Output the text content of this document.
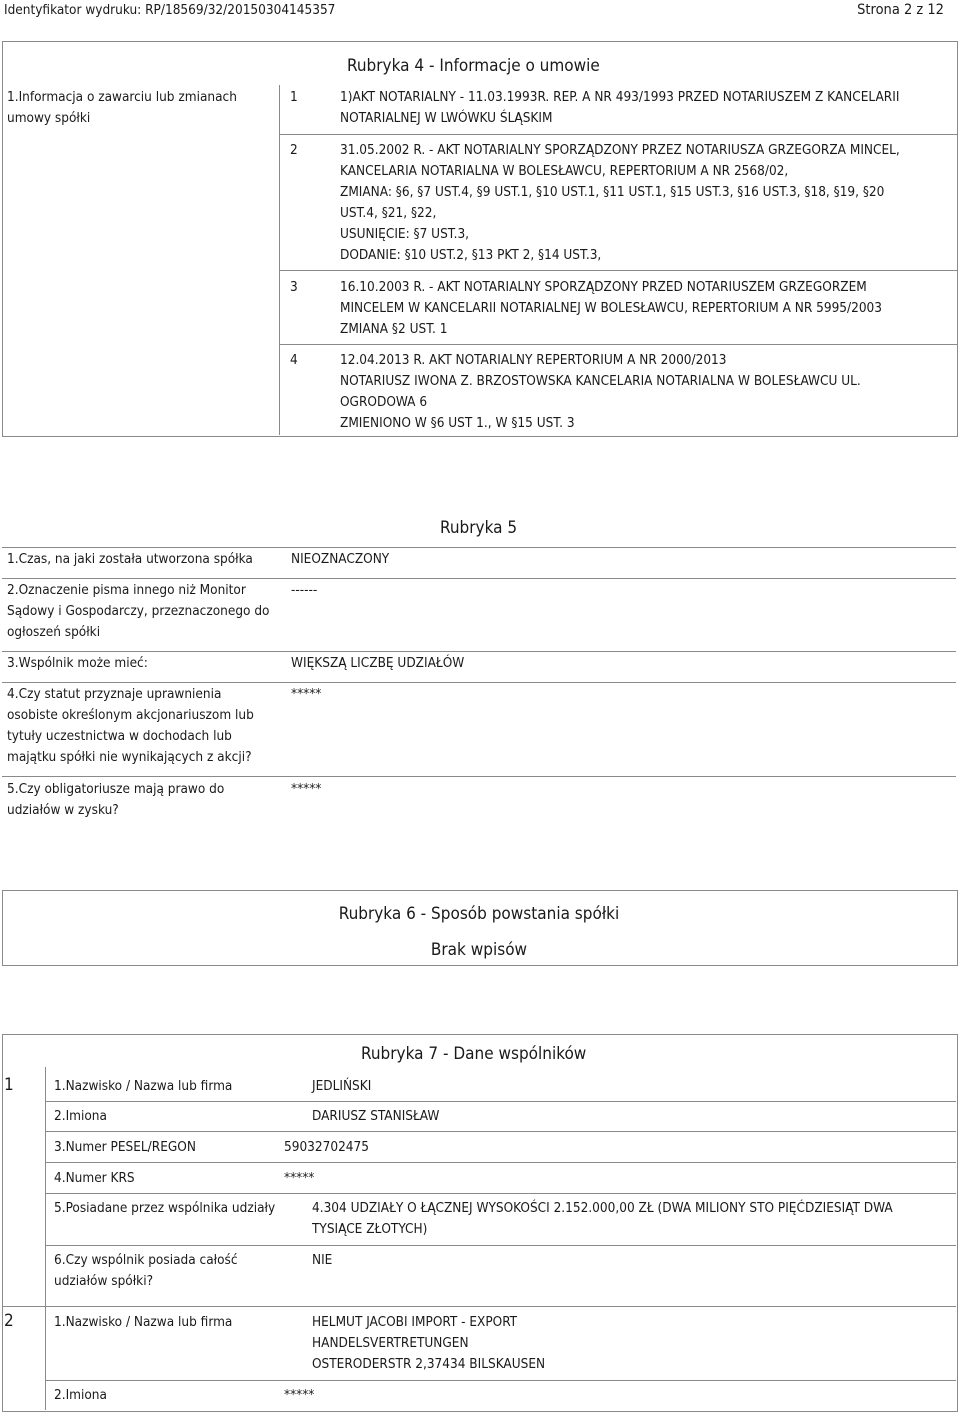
Identyfikator wydruku: RP/18569/32/20150304145357	Strona 2 z 12
Rubryka 4 - Informacje o umowie
1.Informacja o zawarciu lub zmianach
umowy spółki
1	1)AKT NOTARIALNY - 11.03.1993R. REP. A NR 493/1993 PRZED NOTARIUSZEM Z KANCELARII
NOTARIALNEJ W LWÓWKU ŚLĄSKIM
2	31.05.2002 R. - AKT NOTARIALNY SPORZĄDZONY PRZEZ NOTARIUSZA GRZEGORZA MINCEL,
KANCELARIA NOTARIALNA W BOLESŁAWCU, REPERTORIUM A NR 2568/02,
ZMIANA: §6, §7 UST.4, §9 UST.1, §10 UST.1, §11 UST.1, §15 UST.3, §16 UST.3, §18, §19, §20
UST.4, §21, §22,
USUNIĘCIE: §7 UST.3,
DODANIE: §10 UST.2, §13 PKT 2, §14 UST.3,
3	16.10.2003 R. - AKT NOTARIALNY SPORZĄDZONY PRZED NOTARIUSZEM GRZEGORZEM
MINCELEM W KANCELARII NOTARIALNEJ W BOLESŁAWCU, REPERTORIUM A NR 5995/2003
ZMIANA §2 UST. 1
4	12.04.2013 R. AKT NOTARIALNY REPERTORIUM A NR 2000/2013
NOTARIUSZ IWONA Z. BRZOSTOWSKA KANCELARIA NOTARIALNA W BOLESŁAWCU UL.
OGRODOWA 6
ZMIENIONO W §6 UST 1., W §15 UST. 3
Rubryka 5
1.Czas, na jaki została utworzona spółka	NIEOZNACZONY
2.Oznaczenie pisma innego niż Monitor
Sądowy i Gospodarczy, przeznaczonego do
ogłoszeń spółki
------
3.Wspólnik może mieć:	WIĘKSZĄ LICZBĘ UDZIAŁÓW
4.Czy statut przyznaje uprawnienia
osobiste określonym akcjonariuszom lub
tytuły uczestnictwa w dochodach lub
majątku spółki nie wynikających z akcji?
*****
5.Czy obligatoriusze mają prawo do
udziałów w zysku?
*****
Rubryka 6 - Sposób powstania spółki
Brak wpisów
Rubryka 7 - Dane wspólników
1	1.Nazwisko / Nazwa lub firma	JEDLIŃSKI
2.Imiona	DARIUSZ STANISŁAW
3.Numer PESEL/REGON	59032702475
4.Numer KRS	*****
5.Posiadane przez wspólnika udziały	4.304 UDZIAŁY O ŁĄCZNEJ WYSOKOŚCI 2.152.000,00 ZŁ (DWA MILIONY STO PIĘĆDZIESIĄT DWA
TYSIĄCE ZŁOTYCH)
6.Czy wspólnik posiada całość
udziałów spółki?
NIE
2	1.Nazwisko / Nazwa lub firma	HELMUT JACOBI IMPORT - EXPORT
HANDELSVERTRETUNGEN
OSTERODERSTR 2,37434 BILSKAUSEN
2.Imiona	*****
